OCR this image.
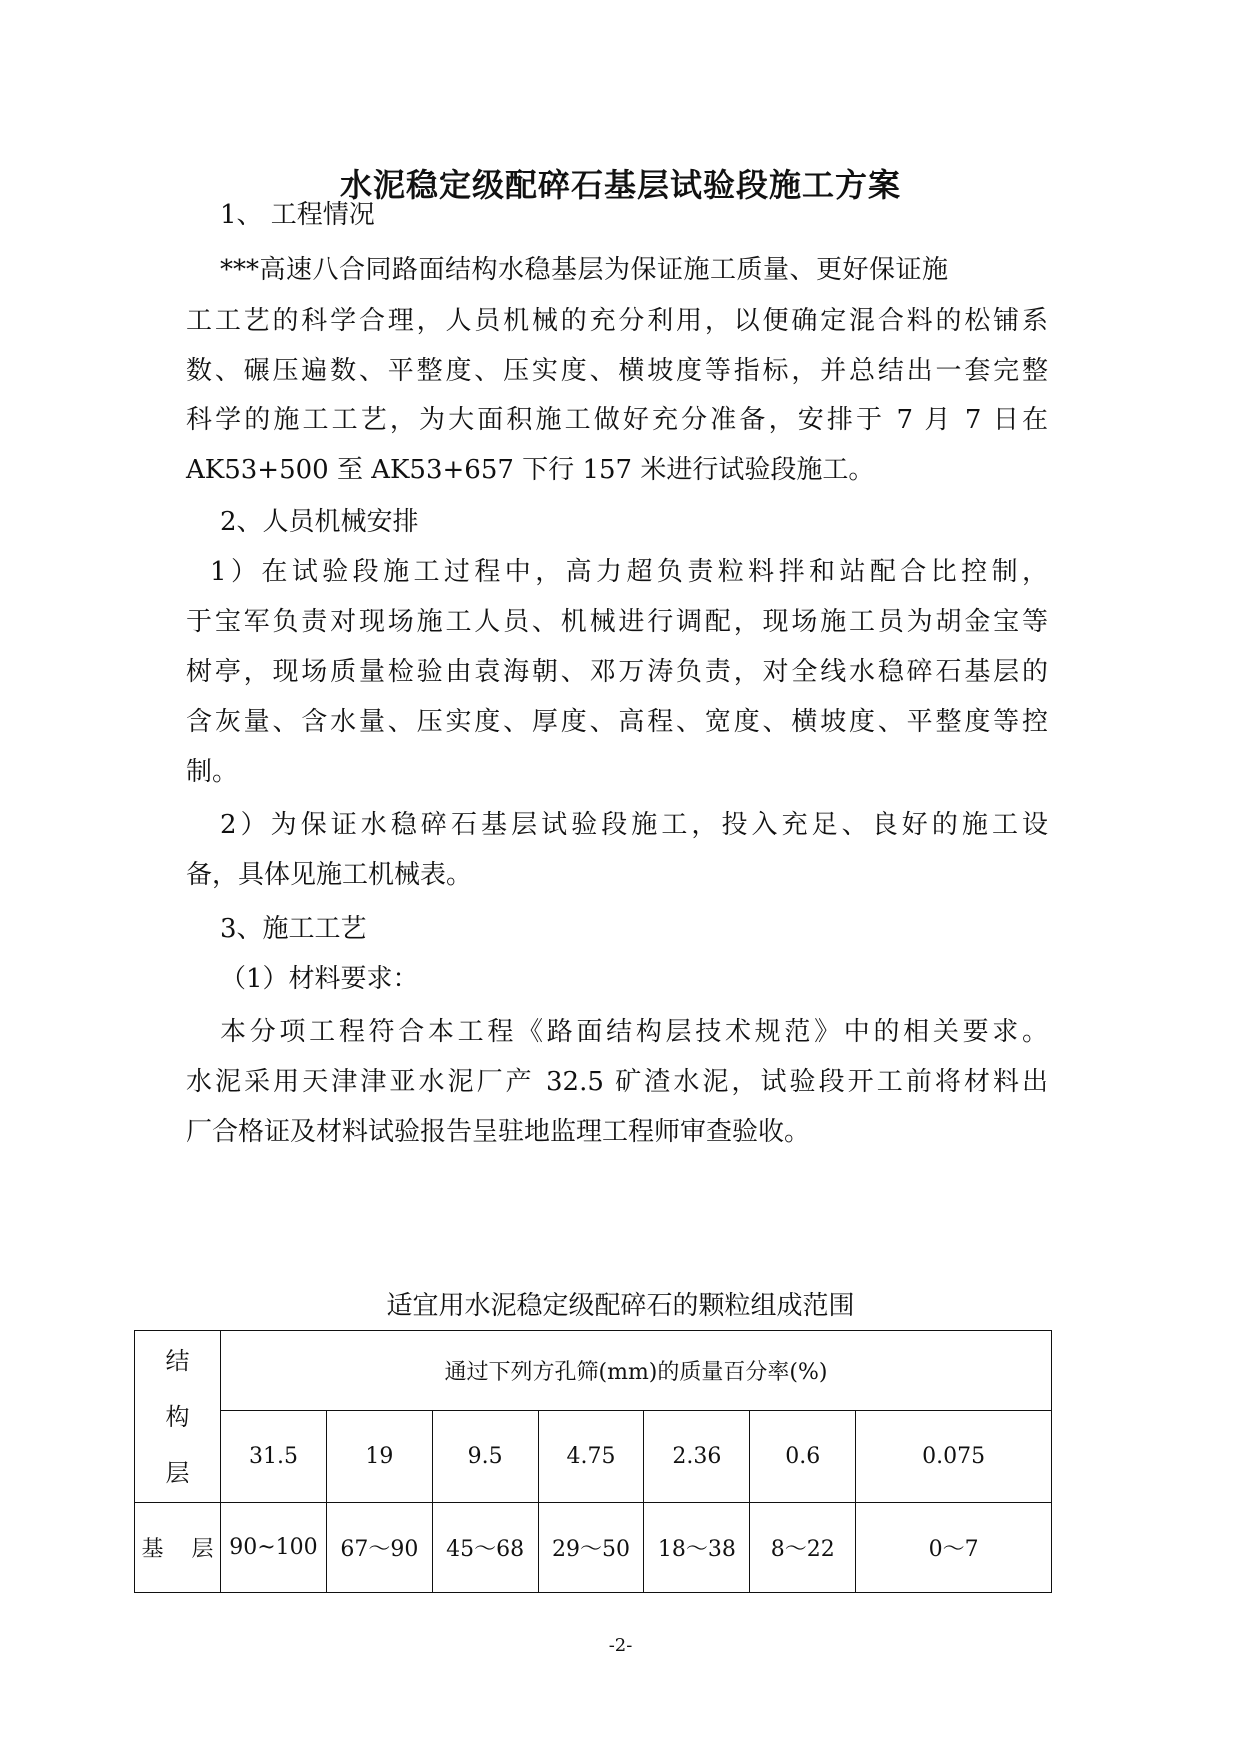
水泥稳定级配碎石基层试验段施工方案
1、 工程情况
***高速八合同路面结构水稳基层为保证施工质量、更好保证施
工工艺的科学合理，人员机械的充分利用，以便确定混合料的松铺系
数、碾压遍数、平整度、压实度、横坡度等指标，并总结出一套完整
科学的施工工艺，为大面积施工做好充分准备，安排于 7 月 7 日在
AK53+500 至 AK53+657 下行 157 米进行试验段施工。
2、人员机械安排
1）在试验段施工过程中，高力超负责粒料拌和站配合比控制，
于宝军负责对现场施工人员、机械进行调配，现场施工员为胡金宝等
树亭，现场质量检验由袁海朝、邓万涛负责，对全线水稳碎石基层的
含灰量、含水量、压实度、厚度、高程、宽度、横坡度、平整度等控
制。
2）为保证水稳碎石基层试验段施工，投入充足、良好的施工设
备，具体见施工机械表。
3、施工工艺
（1）材料要求：
本分项工程符合本工程《路面结构层技术规范》中的相关要求。
水泥采用天津津亚水泥厂产 32.5 矿渣水泥，试验段开工前将材料出
厂合格证及材料试验报告呈驻地监理工程师审查验收。
适宜用水泥稳定级配碎石的颗粒组成范围
结
构
层	通过下列方孔筛(mm)的质量百分率(%)						
	31.5	19	9.5	4.75	2.36	0.6	0.075
基    层	90~100	67～90	45～68	29～50	18～38	8～22	0～7
-2-
